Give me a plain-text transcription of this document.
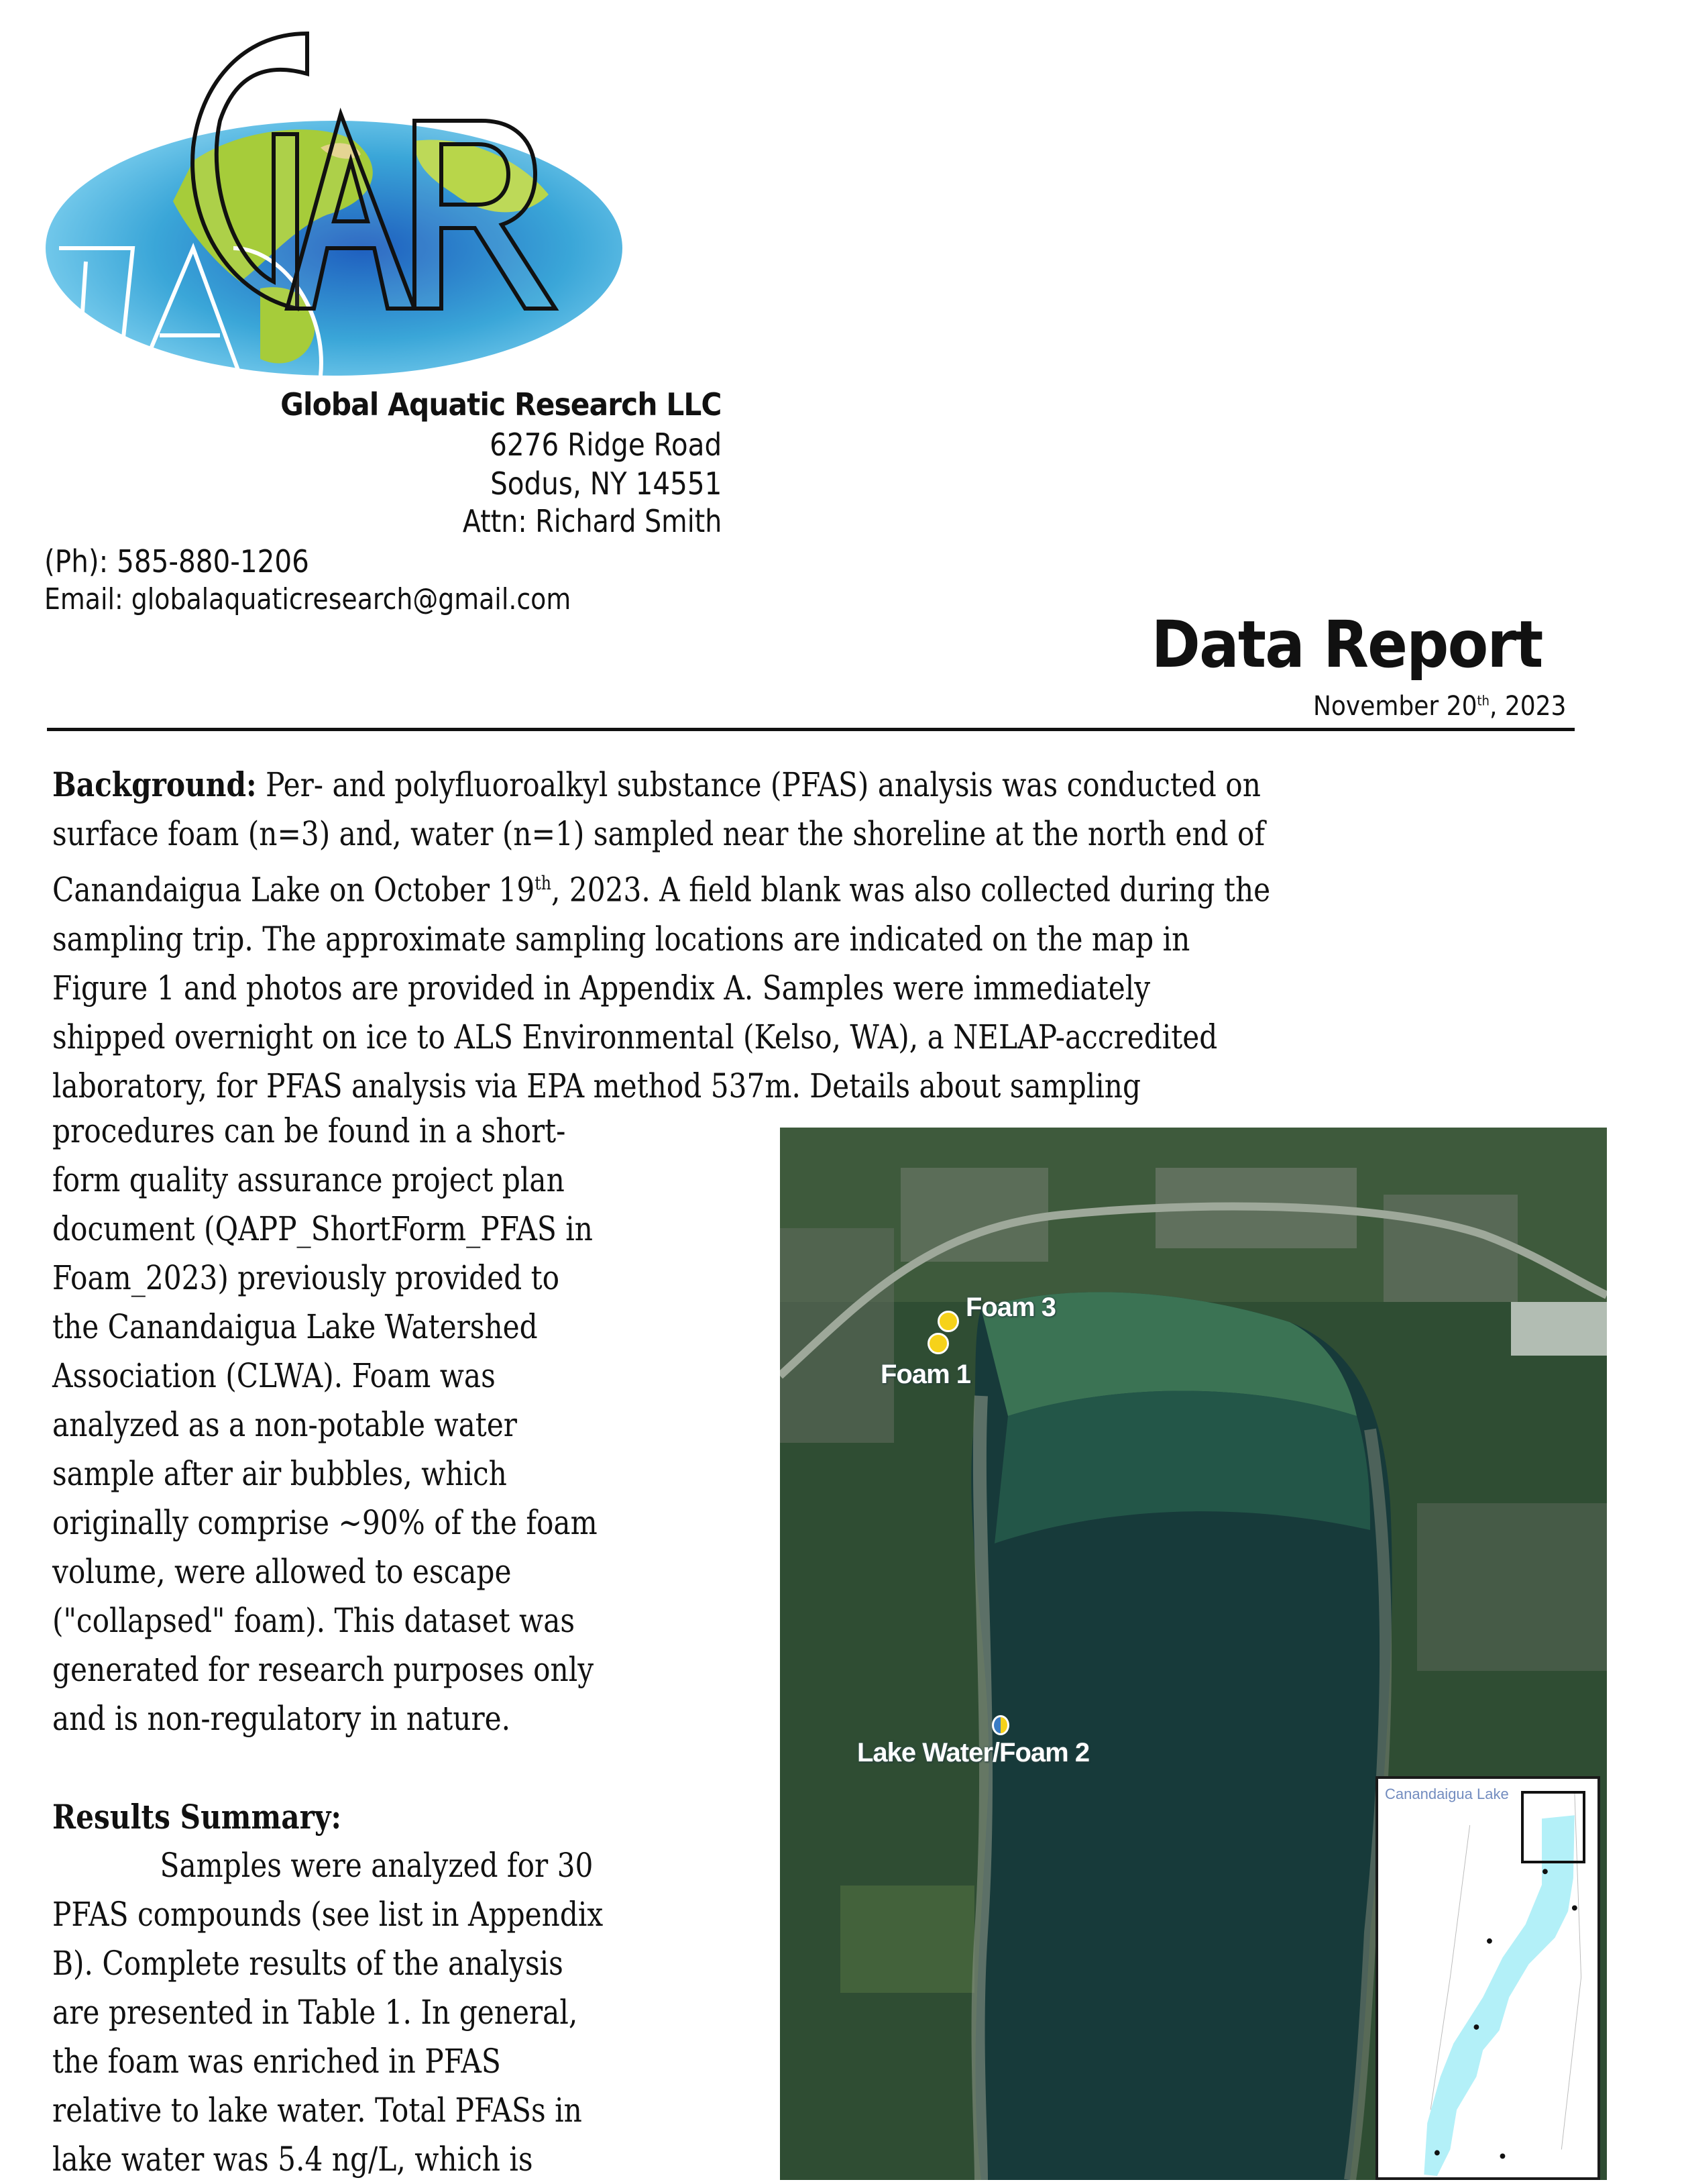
Global Aquatic Research LLC
6276 Ridge Road
Sodus, NY 14551
Attn: Richard Smith
(Ph): 585-880-1206
Email: globalaquaticresearch@gmail.com
Data Report
November 20th, 2023
Background: Per- and polyfluoroalkyl substance (PFAS) analysis was conducted on
surface foam (n=3) and, water (n=1) sampled near the shoreline at the north end of
Canandaigua Lake on October 19th, 2023. A field blank was also collected during the
sampling trip. The approximate sampling locations are indicated on the map in
Figure 1 and photos are provided in Appendix A. Samples were immediately
shipped overnight on ice to ALS Environmental (Kelso, WA), a NELAP-accredited
laboratory, for PFAS analysis via EPA method 537m. Details about sampling
procedures can be found in a short-
form quality assurance project plan
document (QAPP_ShortForm_PFAS in
Foam_2023) previously provided to
the Canandaigua Lake Watershed
Association (CLWA). Foam was
analyzed as a non-potable water
sample after air bubbles, which
originally comprise ~90% of the foam
volume, were allowed to escape
("collapsed" foam). This dataset was
generated for research purposes only
and is non-regulatory in nature.
Results Summary:
Samples were analyzed for 30
PFAS compounds (see list in Appendix
B). Complete results of the analysis
are presented in Table 1. In general,
the foam was enriched in PFAS
relative to lake water. Total PFASs in
lake water was 5.4 ng/L, which is
Foam 3
Foam 1
Lake Water/Foam 2
Canandaigua Lake
